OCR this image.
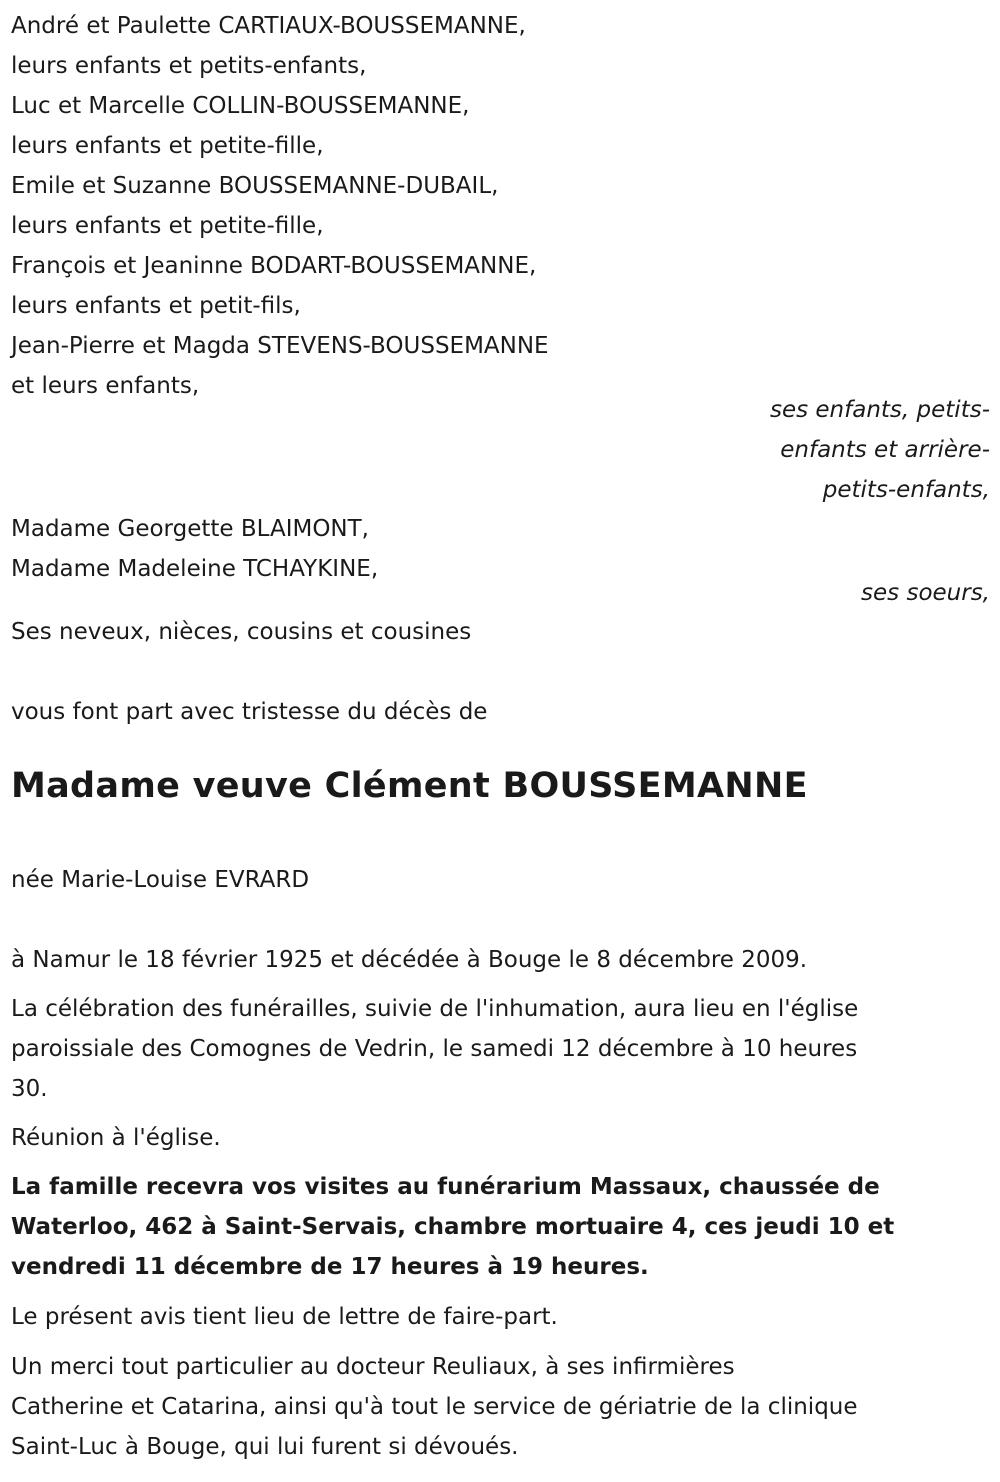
André et Paulette CARTIAUX-BOUSSEMANNE,
leurs enfants et petits-enfants,
Luc et Marcelle COLLIN-BOUSSEMANNE,
leurs enfants et petite-fille,
Emile et Suzanne BOUSSEMANNE-DUBAIL,
leurs enfants et petite-fille,
François et Jeaninne BODART-BOUSSEMANNE,
leurs enfants et petit-fils,
Jean-Pierre et Magda STEVENS-BOUSSEMANNE
et leurs enfants,
ses enfants, petits-
enfants et arrière-
petits-enfants,
Madame Georgette BLAIMONT,
Madame Madeleine TCHAYKINE,
ses soeurs,
Ses neveux, nièces, cousins et cousines
vous font part avec tristesse du décès de
Madame veuve Clément BOUSSEMANNE
née Marie-Louise EVRARD
à Namur le 18 février 1925 et décédée à Bouge le 8 décembre 2009.
La célébration des funérailles, suivie de l'inhumation, aura lieu en l'église
paroissiale des Comognes de Vedrin, le samedi 12 décembre à 10 heures
30.
Réunion à l'église.
La famille recevra vos visites au funérarium Massaux, chaussée de
Waterloo, 462 à Saint-Servais, chambre mortuaire 4, ces jeudi 10 et
vendredi 11 décembre de 17 heures à 19 heures.
Le présent avis tient lieu de lettre de faire-part.
Un merci tout particulier au docteur Reuliaux, à ses infirmières
Catherine et Catarina, ainsi qu'à tout le service de gériatrie de la clinique
Saint-Luc à Bouge, qui lui furent si dévoués.
